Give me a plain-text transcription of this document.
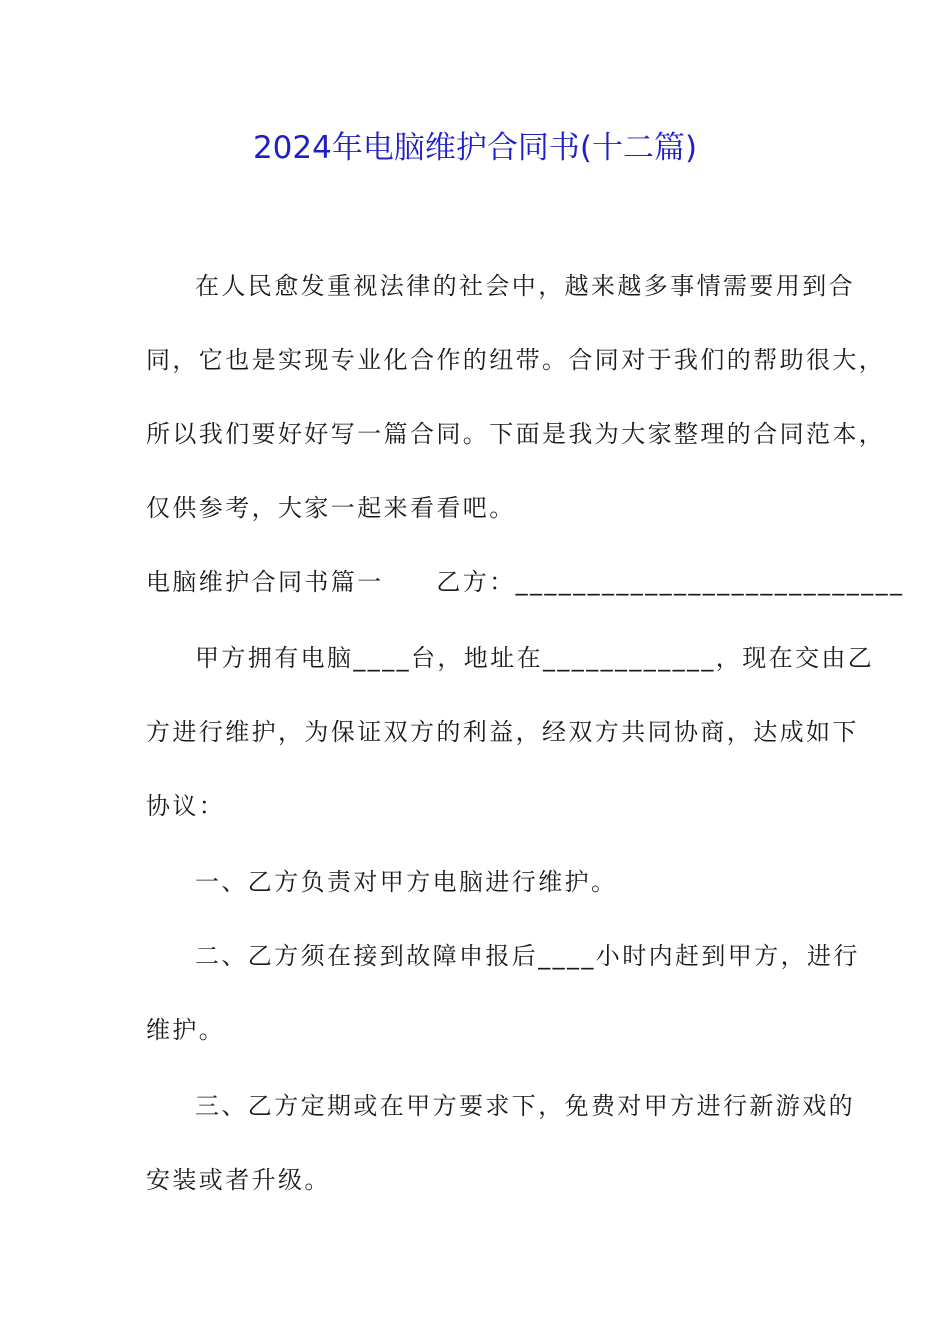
2024年电脑维护合同书(十二篇)
在人民愈发重视法律的社会中，越来越多事情需要用到合
同，它也是实现专业化合作的纽带。合同对于我们的帮助很大，
所以我们要好好写一篇合同。下面是我为大家整理的合同范本，
仅供参考，大家一起来看看吧。
电脑维护合同书篇一　　乙方：___________________________
甲方拥有电脑____台，地址在____________，现在交由乙
方进行维护，为保证双方的利益，经双方共同协商，达成如下
协议：
一、乙方负责对甲方电脑进行维护。
二、乙方须在接到故障申报后____小时内赶到甲方，进行
维护。
三、乙方定期或在甲方要求下，免费对甲方进行新游戏的
安装或者升级。
